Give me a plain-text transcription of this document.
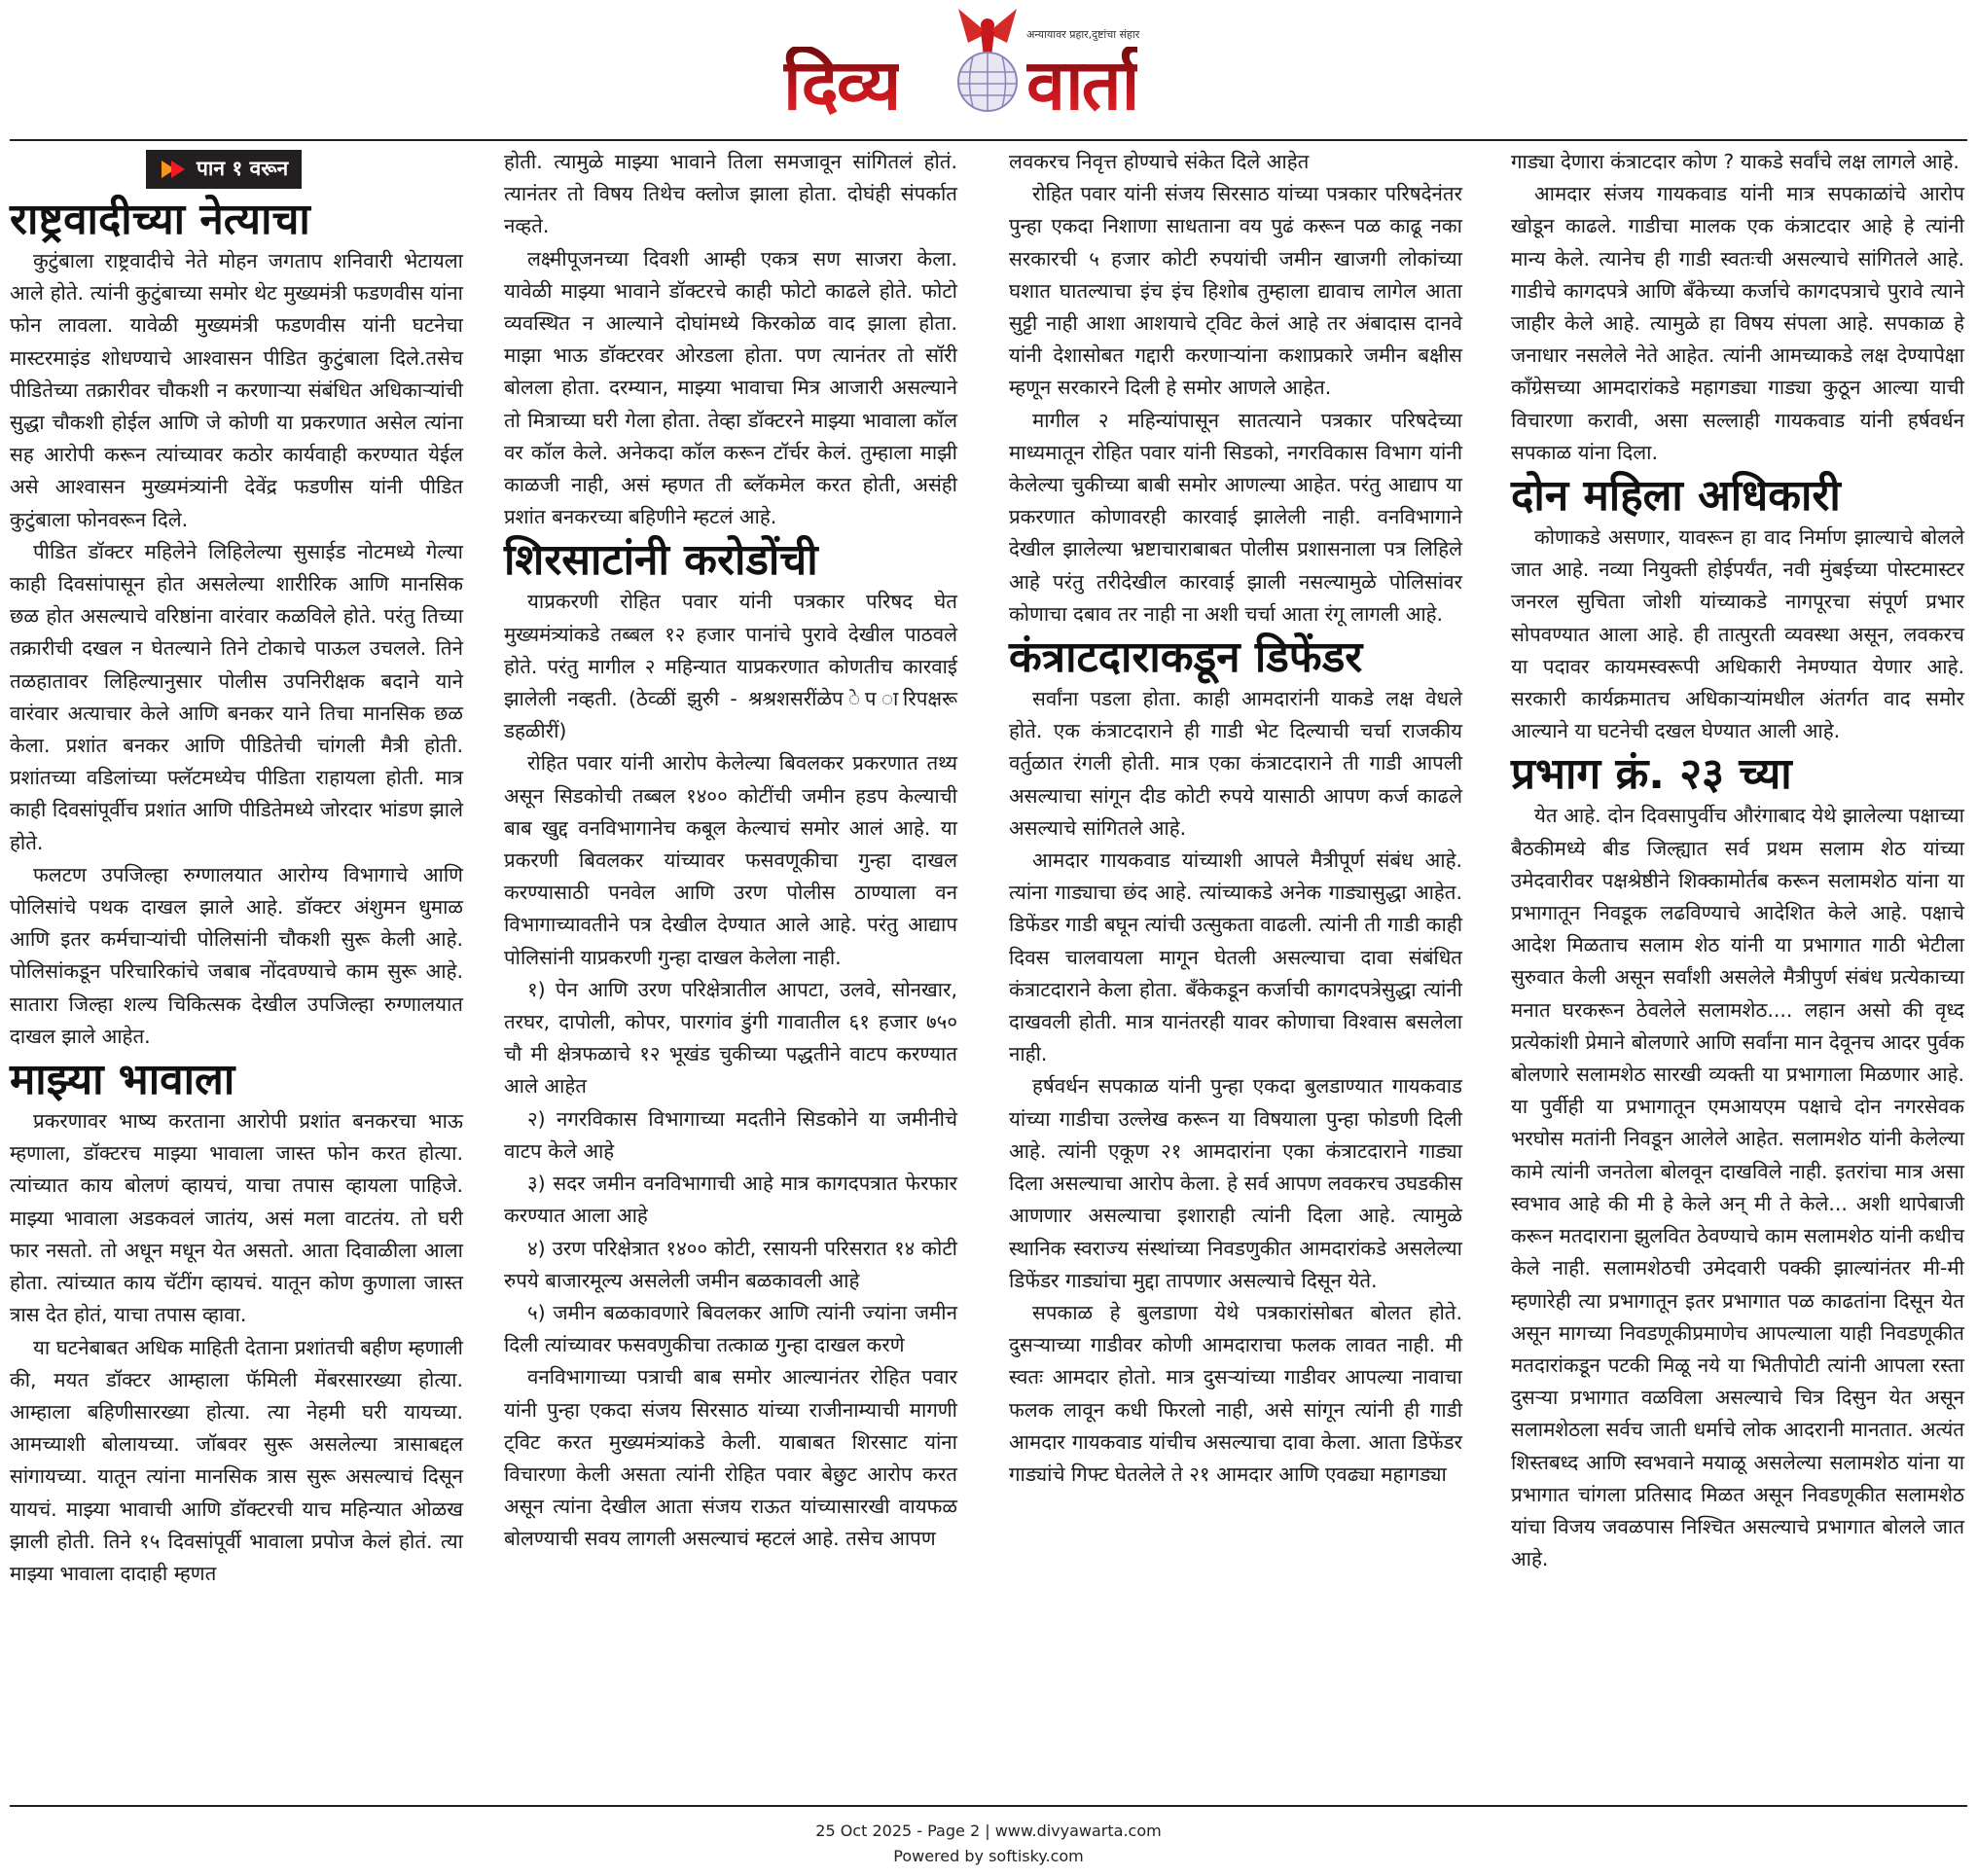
दिव्य वार्ता
अन्यायावर प्रहार,दुष्टांचा संहार
पान १ वरून
राष्ट्रवादीच्या नेत्याचा

कुटुंबाला राष्ट्रवादीचे नेते मोहन जगताप शनिवारी भेटायला आले होते. त्यांनी कुटुंबाच्या समोर थेट मुख्यमंत्री फडणवीस यांना फोन लावला. यावेळी मुख्यमंत्री फडणवीस यांनी घटनेचा मास्टरमाइंड शोधण्याचे आश्वासन पीडित कुटुंबाला दिले.तसेच पीडितेच्या तक्रारीवर चौकशी न करणाऱ्या संबंधित अधिकाऱ्यांची सुद्धा चौकशी होईल आणि जे कोणी या प्रकरणात असेल त्यांना सह आरोपी करून त्यांच्यावर कठोर कार्यवाही करण्यात येईल असे आश्वासन मुख्यमंत्र्यांनी देवेंद्र फडणीस यांनी पीडित कुटुंबाला फोनवरून दिले.

पीडित डॉक्टर महिलेने लिहिलेल्या सुसाईड नोटमध्ये गेल्या काही दिवसांपासून होत असलेल्या शारीरिक आणि मानसिक छळ होत असल्याचे वरिष्ठांना वारंवार कळविले होते. परंतु तिच्या तक्रारीची दखल न घेतल्याने तिने टोकाचे पाऊल उचलले. तिने तळहातावर लिहिल्यानुसार पोलीस उपनिरीक्षक बदाने याने वारंवार अत्याचार केले आणि बनकर याने तिचा मानसिक छळ केला. प्रशांत बनकर आणि पीडितेची चांगली मैत्री होती. प्रशांतच्या वडिलांच्या फ्लॅटमध्येच पीडिता राहायला होती. मात्र काही दिवसांपूर्वीच प्रशांत आणि पीडितेमध्ये जोरदार भांडण झाले होते.

फलटण उपजिल्हा रुग्णालयात आरोग्य विभागाचे आणि पोलिसांचे पथक दाखल झाले आहे. डॉक्टर अंशुमन धुमाळ आणि इतर कर्मचाऱ्यांची पोलिसांनी चौकशी सुरू केली आहे. पोलिसांकडून परिचारिकांचे जबाब नोंदवण्याचे काम सुरू आहे. सातारा जिल्हा शल्य चिकित्सक देखील उपजिल्हा रुग्णालयात दाखल झाले आहेत.

माझ्या भावाला

प्रकरणावर भाष्य करताना आरोपी प्रशांत बनकरचा भाऊ म्हणाला, डॉक्टरच माझ्या भावाला जास्त फोन करत होत्या. त्यांच्यात काय बोलणं व्हायचं, याचा तपास व्हायला पाहिजे. माझ्या भावाला अडकवलं जातंय, असं मला वाटतंय. तो घरी फार नसतो. तो अधून मधून येत असतो. आता दिवाळीला आला होता. त्यांच्यात काय चॅटींग व्हायचं. यातून कोण कुणाला जास्त त्रास देत होतं, याचा तपास व्हावा.

या घटनेबाबत अधिक माहिती देताना प्रशांतची बहीण म्हणाली की, मयत डॉक्टर आम्हाला फॅमिली मेंबरसारख्या होत्या. आम्हाला बहिणीसारख्या होत्या. त्या नेहमी घरी यायच्या. आमच्याशी बोलायच्या. जॉबवर सुरू असलेल्या त्रासाबद्दल सांगायच्या. यातून त्यांना मानसिक त्रास सुरू असल्याचं दिसून यायचं. माझ्या भावाची आणि डॉक्टरची याच महिन्यात ओळख झाली होती. तिने १५ दिवसांपूर्वी भावाला प्रपोज केलं होतं. त्या माझ्या भावाला दादाही म्हणत

होती. त्यामुळे माझ्या भावाने तिला समजावून सांगितलं होतं. त्यानंतर तो विषय तिथेच क्लोज झाला होता. दोघंही संपर्कात नव्हते.

लक्ष्मीपूजनच्या दिवशी आम्ही एकत्र सण साजरा केला. यावेळी माझ्या भावाने डॉक्टरचे काही फोटो काढले होते. फोटो व्यवस्थित न आल्याने दोघांमध्ये किरकोळ वाद झाला होता. माझा भाऊ डॉक्टरवर ओरडला होता. पण त्यानंतर तो सॉरी बोलला होता. दरम्यान, माझ्या भावाचा मित्र आजारी असल्याने तो मित्राच्या घरी गेला होता. तेव्हा डॉक्टरने माझ्या भावाला कॉल वर कॉल केले. अनेकदा कॉल करून टॉर्चर केलं. तुम्हाला माझी काळजी नाही, असं म्हणत ती ब्लॅकमेल करत होती, असंही प्रशांत बनकरच्या बहिणीने म्हटलं आहे.

शिरसाटांनी करोडोंची

याप्रकरणी रोहित पवार यांनी पत्रकार परिषद घेत मुख्यमंत्र्यांकडे तब्बल १२ हजार पानांचे पुरावे देखील पाठवले होते. परंतु मागील २ महिन्यात याप्रकरणात कोणतीच कारवाई झालेली नव्हती. (ठेव्ळीं झुरुी - श्रश्रशसरींळेप ेप ारिपक्षरू डहळीरीं)

रोहित पवार यांनी आरोप केलेल्या बिवलकर प्रकरणात तथ्य असून सिडकोची तब्बल १४०० कोटींची जमीन हडप केल्याची बाब खुद्द वनविभागानेच कबूल केल्याचं समोर आलं आहे. या प्रकरणी बिवलकर यांच्यावर फसवणूकीचा गुन्हा दाखल करण्यासाठी पनवेल आणि उरण पोलीस ठाण्याला वन विभागाच्यावतीने पत्र देखील देण्यात आले आहे. परंतु आद्याप पोलिसांनी याप्रकरणी गुन्हा दाखल केलेला नाही.

१) पेन आणि उरण परिक्षेत्रातील आपटा, उलवे, सोनखार, तरघर, दापोली, कोपर, पारगांव डुंगी गावातील ६१ हजार ७५० चौ मी क्षेत्रफळाचे १२ भूखंड चुकीच्या पद्धतीने वाटप करण्यात आले आहेत

२) नगरविकास विभागाच्या मदतीने सिडकोने या जमीनीचे वाटप केले आहे

३) सदर जमीन वनविभागाची आहे मात्र कागदपत्रात फेरफार करण्यात आला आहे

४) उरण परिक्षेत्रात १४०० कोटी, रसायनी परिसरात १४ कोटी रुपये बाजारमूल्य असलेली जमीन बळकावली आहे

५) जमीन बळकावणारे बिवलकर आणि त्यांनी ज्यांना जमीन दिली त्यांच्यावर फसवणुकीचा तत्काळ गुन्हा दाखल करणे

वनविभागाच्या पत्राची बाब समोर आल्यानंतर रोहित पवार यांनी पुन्हा एकदा संजय सिरसाठ यांच्या राजीनाम्याची मागणी ट्विट करत मुख्यमंत्र्यांकडे केली. याबाबत शिरसाट यांना विचारणा केली असता त्यांनी रोहित पवार बेछुट आरोप करत असून त्यांना देखील आता संजय राऊत यांच्यासारखी वायफळ बोलण्याची सवय लागली असल्याचं म्हटलं आहे. तसेच आपण

लवकरच निवृत्त होण्याचे संकेत दिले आहेत

रोहित पवार यांनी संजय सिरसाठ यांच्या पत्रकार परिषदेनंतर पुन्हा एकदा निशाणा साधताना वय पुढं करून पळ काढू नका सरकारची ५ हजार कोटी रुपयांची जमीन खाजगी लोकांच्या घशात घातल्याचा इंच इंच हिशोब तुम्हाला द्यावाच लागेल आता सुट्टी नाही आशा आशयाचे ट्विट केलं आहे तर अंबादास दानवे यांनी देशासोबत गद्दारी करणाऱ्यांना कशाप्रकारे जमीन बक्षीस म्हणून सरकारने दिली हे समोर आणले आहेत.

मागील २ महिन्यांपासून सातत्याने पत्रकार परिषदेच्या माध्यमातून रोहित पवार यांनी सिडको, नगरविकास विभाग यांनी केलेल्या चुकीच्या बाबी समोर आणल्या आहेत. परंतु आद्याप या प्रकरणात कोणावरही कारवाई झालेली नाही. वनविभागाने देखील झालेल्या भ्रष्टाचाराबाबत पोलीस प्रशासनाला पत्र लिहिले आहे परंतु तरीदेखील कारवाई झाली नसल्यामुळे पोलिसांवर कोणाचा दबाव तर नाही ना अशी चर्चा आता रंगू लागली आहे.

कंत्राटदाराकडून डिफेंडर

सर्वांना पडला होता. काही आमदारांनी याकडे लक्ष वेधले होते. एक कंत्राटदाराने ही गाडी भेट दिल्याची चर्चा राजकीय वर्तुळात रंगली होती. मात्र एका कंत्राटदाराने ती गाडी आपली असल्याचा सांगून दीड कोटी रुपये यासाठी आपण कर्ज काढले असल्याचे सांगितले आहे.

आमदार गायकवाड यांच्याशी आपले मैत्रीपूर्ण संबंध आहे. त्यांना गाड्याचा छंद आहे. त्यांच्याकडे अनेक गाड्यासुद्धा आहेत. डिफेंडर गाडी बघून त्यांची उत्सुकता वाढली. त्यांनी ती गाडी काही दिवस चालवायला मागून घेतली असल्याचा दावा संबंधित कंत्राटदाराने केला होता. बँकेकडून कर्जाची कागदपत्रेसुद्धा त्यांनी दाखवली होती. मात्र यानंतरही यावर कोणाचा विश्वास बसलेला नाही.

हर्षवर्धन सपकाळ यांनी पुन्हा एकदा बुलडाण्यात गायकवाड यांच्या गाडीचा उल्लेख करून या विषयाला पुन्हा फोडणी दिली आहे. त्यांनी एकूण २१ आमदारांना एका कंत्राटदाराने गाड्या दिला असल्याचा आरोप केला. हे सर्व आपण लवकरच उघडकीस आणणार असल्याचा इशाराही त्यांनी दिला आहे. त्यामुळे स्थानिक स्वराज्य संस्थांच्या निवडणुकीत आमदारांकडे असलेल्या डिफेंडर गाड्यांचा मुद्दा तापणार असल्याचे दिसून येते.

सपकाळ हे बुलडाणा येथे पत्रकारांसोबत बोलत होते. दुसऱ्याच्या गाडीवर कोणी आमदाराचा फलक लावत नाही. मी स्वतः आमदार होतो. मात्र दुसऱ्यांच्या गाडीवर आपल्या नावाचा फलक लावून कधी फिरलो नाही, असे सांगून त्यांनी ही गाडी आमदार गायकवाड यांचीच असल्याचा दावा केला. आता डिफेंडर गाड्यांचे गिफ्ट घेतलेले ते २१ आमदार आणि एवढ्या महागड्या

गाड्या देणारा कंत्राटदार कोण ? याकडे सर्वांचे लक्ष लागले आहे.

आमदार संजय गायकवाड यांनी मात्र सपकाळांचे आरोप खोडून काढले. गाडीचा मालक एक कंत्राटदार आहे हे त्यांनी मान्य केले. त्यानेच ही गाडी स्वतःची असल्याचे सांगितले आहे. गाडीचे कागदपत्रे आणि बँकेच्या कर्जाचे कागदपत्राचे पुरावे त्याने जाहीर केले आहे. त्यामुळे हा विषय संपला आहे. सपकाळ हे जनाधार नसलेले नेते आहेत. त्यांनी आमच्याकडे लक्ष देण्यापेक्षा काँग्रेसच्या आमदारांकडे महागड्या गाड्या कुठून आल्या याची विचारणा करावी, असा सल्लाही गायकवाड यांनी हर्षवर्धन सपकाळ यांना दिला.

दोन महिला अधिकारी

कोणाकडे असणार, यावरून हा वाद निर्माण झाल्याचे बोलले जात आहे. नव्या नियुक्ती होईपर्यंत, नवी मुंबईच्या पोस्टमास्टर जनरल सुचिता जोशी यांच्याकडे नागपूरचा संपूर्ण प्रभार सोपवण्यात आला आहे. ही तात्पुरती व्यवस्था असून, लवकरच या पदावर कायमस्वरूपी अधिकारी नेमण्यात येणार आहे. सरकारी कार्यक्रमातच अधिकाऱ्यांमधील अंतर्गत वाद समोर आल्याने या घटनेची दखल घेण्यात आली आहे.

प्रभाग क्रं. २३ च्या

येत आहे. दोन दिवसापुर्वीच औरंगाबाद येथे झालेल्या पक्षाच्या बैठकीमध्ये बीड जिल्ह्यात सर्व प्रथम सलाम शेठ यांच्या उमेदवारीवर पक्षश्रेष्ठीने शिक्कामोर्तब करून सलामशेठ यांना या प्रभागातून निवडूक लढविण्याचे आदेशित केले आहे. पक्षाचे आदेश मिळताच सलाम शेठ यांनी या प्रभागात गाठी भेटीला सुरुवात केली असून सर्वांशी असलेले मैत्रीपुर्ण संबंध प्रत्येकाच्या मनात घरकरून ठेवलेले सलामशेठ.... लहान असो की वृध्द प्रत्येकांशी प्रेमाने बोलणारे आणि सर्वांना मान देवूनच आदर पुर्वक बोलणारे सलामशेठ सारखी व्यक्ती या प्रभागाला मिळणार आहे. या पुर्वीही या प्रभागातून एमआयएम पक्षाचे दोन नगरसेवक भरघोस मतांनी निवडून आलेले आहेत. सलामशेठ यांनी केलेल्या कामे त्यांनी जनतेला बोलवून दाखविले नाही. इतरांचा मात्र असा स्वभाव आहे की मी हे केले अन् मी ते केले... अशी थापेबाजी करून मतदाराना झुलवित ठेवण्याचे काम सलामशेठ यांनी कधीच केले नाही. सलामशेठची उमेदवारी पक्की झाल्यांनंतर मी-मी म्हणारेही त्या प्रभागातून इतर प्रभागात पळ काढतांना दिसून येत असून मागच्या निवडणूकीप्रमाणेच आपल्याला याही निवडणूकीत मतदारांकडून पटकी मिळू नये या भितीपोटी त्यांनी आपला रस्ता दुसऱ्या प्रभागात वळविला असल्याचे चित्र दिसुन येत असून सलामशेठला सर्वच जाती धर्माचे लोक आदरानी मानतात. अत्यंत शिस्तबध्द आणि स्वभवाने मयाळू असलेल्या सलामशेठ यांना या प्रभागात चांगला प्रतिसाद मिळत असून निवडणूकीत सलामशेठ यांचा विजय जवळपास निश्चित असल्याचे प्रभागात बोलले जात आहे.

25 Oct 2025 - Page 2 | www.divyawarta.com
Powered by softisky.com
